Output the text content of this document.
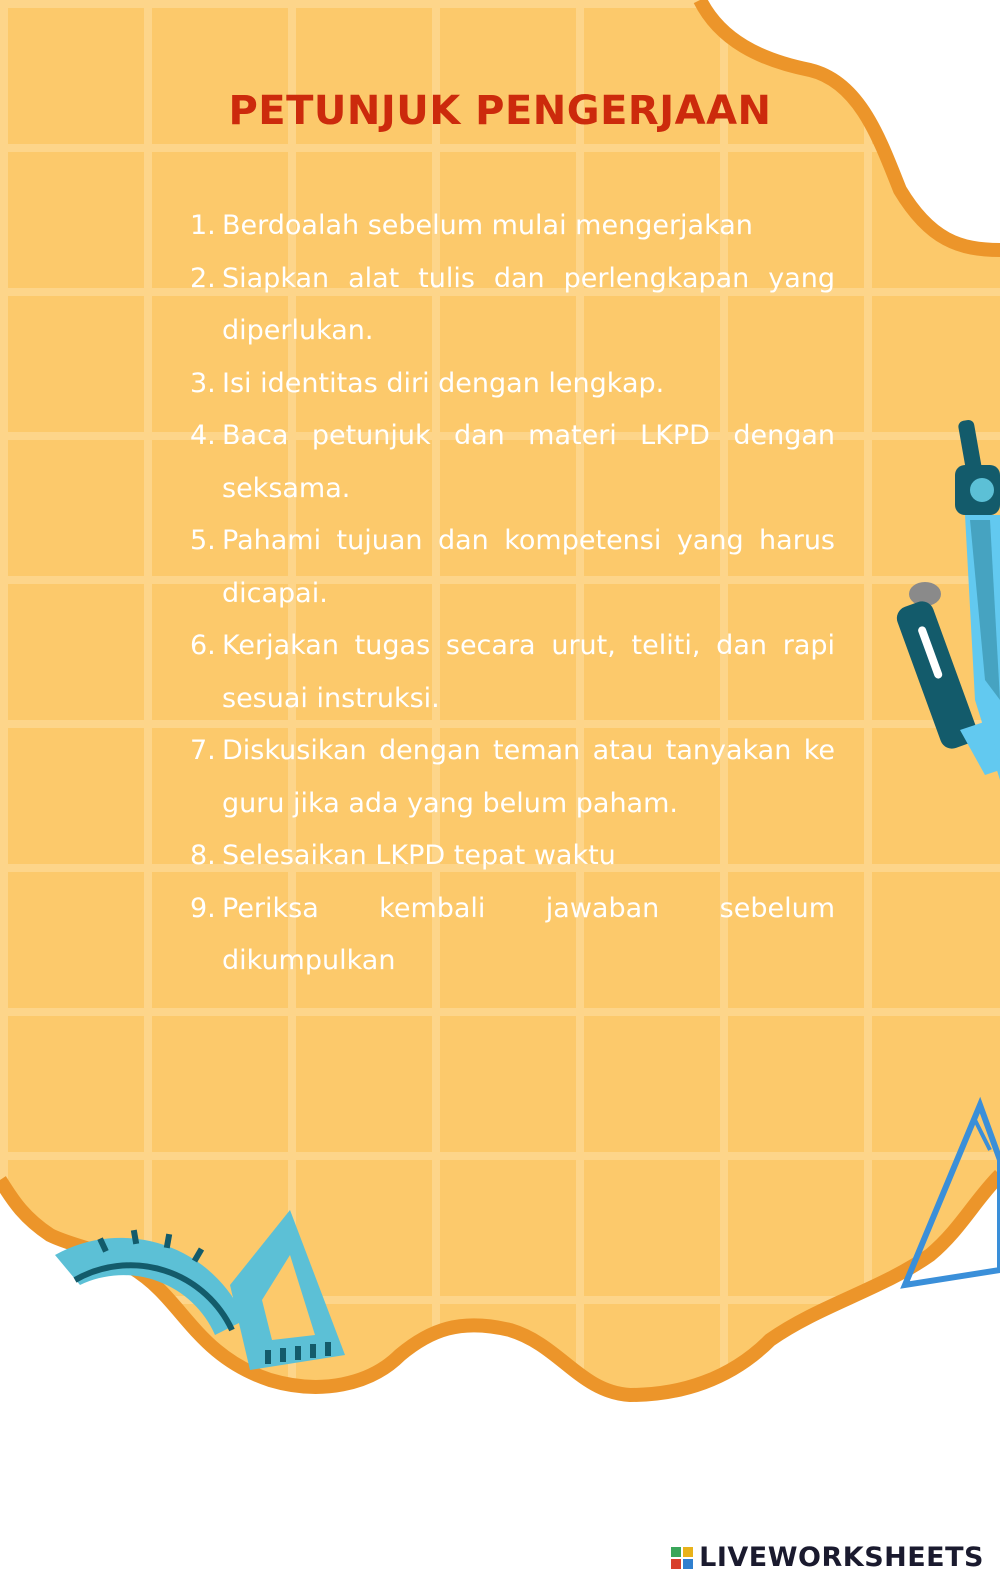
PETUNJUK PENGERJAAN
1. Berdoalah sebelum mulai mengerjakan
2. Siapkan alat tulis dan perlengkapan yang diperlukan.
3. Isi identitas diri dengan lengkap.
4. Baca petunjuk dan materi LKPD dengan seksama.
5. Pahami tujuan dan kompetensi yang harus dicapai.
6. Kerjakan tugas secara urut, teliti, dan rapi sesuai instruksi.
7. Diskusikan dengan teman atau tanyakan ke guru jika ada yang belum paham.
8. Selesaikan LKPD tepat waktu
9. Periksa kembali jawaban sebelum dikumpulkan
LIVEWORKSHEETS
